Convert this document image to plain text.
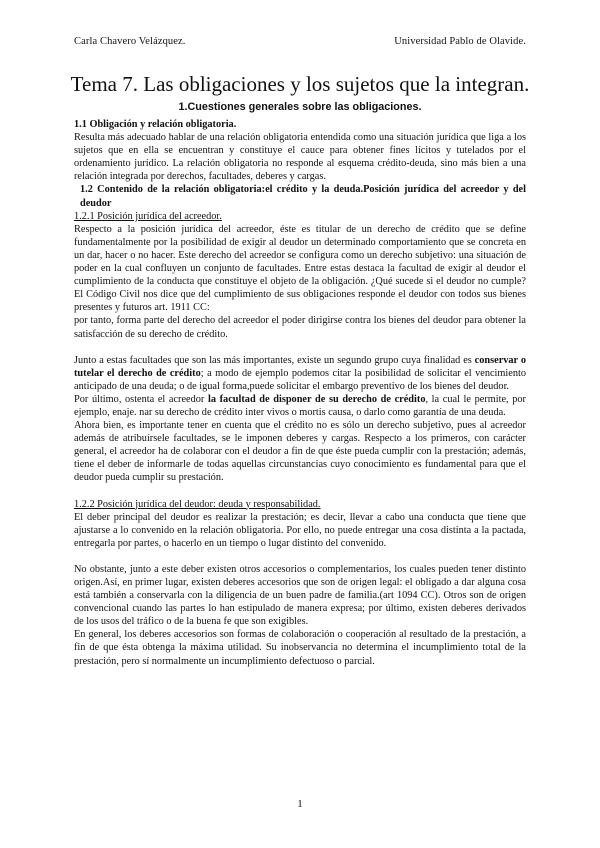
Carla Chavero Velázquez.	Universidad Pablo de Olavide.
Tema 7. Las obligaciones y los sujetos que la integran.
1.Cuestiones generales sobre las obligaciones.

1.1 Obligación y relación obligatoria.

Resulta más adecuado hablar de una relación obligatoria entendida como una situación jurídica que liga a los sujetos que en ella se encuentran y constituye el cauce para obtener fines lícitos y tutelados por el ordenamiento jurídico. La relación obligatoria no responde al esquema crédito-deuda, sino más bien a una relación integrada por derechos, facultades, deberes y cargas.

1.2 Contenido de la relación obligatoria:el crédito y la deuda.Posición jurídica del acreedor y del deudor

1.2.1 Posición jurídica del acreedor.

Respecto a la posición jurídica del acreedor, éste es titular de un derecho de crédito que se define fundamentalmente por la posibilidad de exigir al deudor un determinado comportamiento que se concreta en un dar, hacer o no hacer. Este derecho del acreedor se configura como un derecho subjetivo: una situación de poder en la cual confluyen un conjunto de facultades. Entre estas destaca la facultad de exigir al deudor el cumplimiento de la conducta que constituye el objeto de la obligación. ¿Qué sucede si el deudor no cumple? El Código Civil nos dice que del cumplimiento de sus obligaciones responde el deudor con todos sus bienes presentes y futuros art. 1911 CC:

por tanto, forma parte del derecho del acreedor el poder dirigirse contra los bienes del deudor para obtener la satisfacción de su derecho de crédito.

Junto a estas facultades que son las más importantes, existe un segundo grupo cuya finalidad es conservar o tutelar el derecho de crédito; a modo de ejemplo podemos citar la posibilidad de solicitar el vencimiento anticipado de una deuda; o de igual forma,puede solicitar el embargo preventivo de los bienes del deudor.

Por último, ostenta el acreedor la facultad de disponer de su derecho de crédito, la cual le permite, por ejemplo, enaje. nar su derecho de crédito inter vivos o mortis causa, o darlo como garantía de una deuda.

Ahora bien, es importante tener en cuenta que el crédito no es sólo un derecho subjetivo, pues al acreedor además de atribuírsele facultades, se le imponen deberes y cargas. Respecto a los primeros, con carácter general, el acreedor ha de colaborar con el deudor a fin de que éste pueda cumplir con la prestación; además, tiene el deber de informarle de todas aquellas circunstancias cuyo conocimiento es fundamental para que el deudor pueda cumplir su prestación.

1.2.2 Posición jurídica del deudor: deuda y responsabilidad.

El deber principal del deudor es realizar la prestación; es decir, llevar a cabo una conducta que tiene que ajustarse a lo convenido en la relación obligatoria. Por ello, no puede entregar una cosa distinta a la pactada, entregarla por partes, o hacerlo en un tiempo o lugar distinto del convenido.

No obstante, junto a este deber existen otros accesorios o complementarios, los cuales pueden tener distinto origen.Así, en primer lugar, existen deberes accesorios que son de origen legal: el obligado a dar alguna cosa está también a conservarla con la diligencia de un buen padre de familia.(art 1094 CC). Otros son de origen convencional cuando las partes lo han estipulado de manera expresa; por último, existen deberes derivados de los usos del tráfico o de la buena fe que son exigibles.

En general, los deberes accesorios son formas de colaboración o cooperación al resultado de la prestación, a fin de que ésta obtenga la máxima utilidad. Su inobservancia no determina el incumplimiento total de la prestación, pero sí normalmente un incumplimiento defectuoso o parcial.

1
